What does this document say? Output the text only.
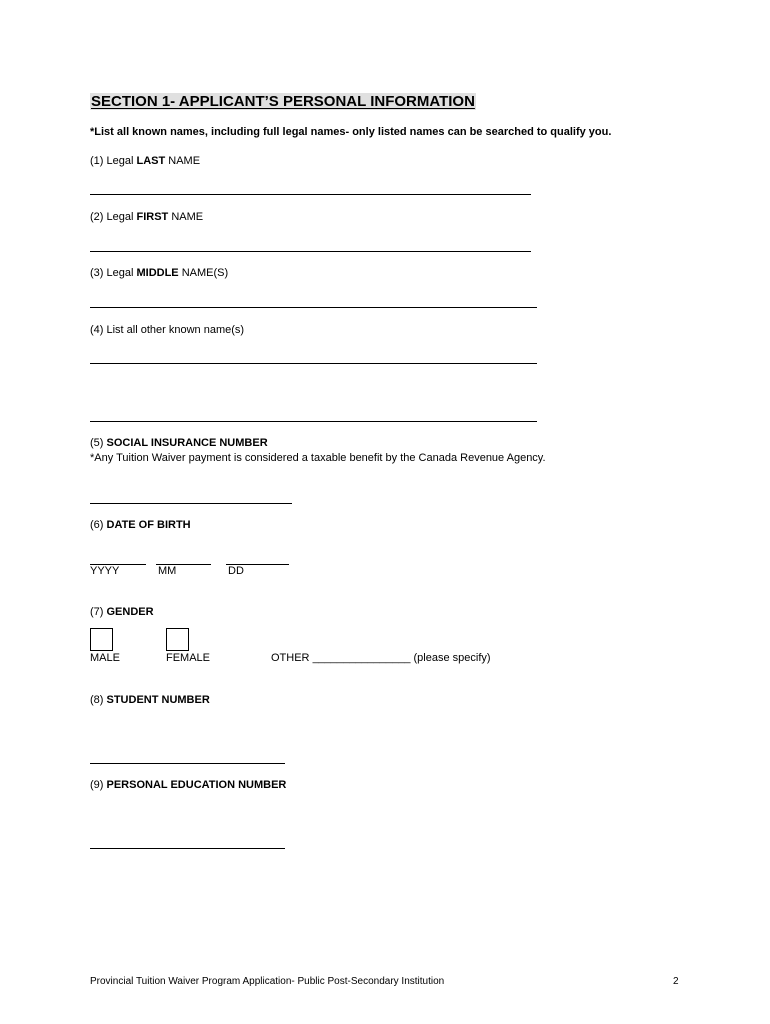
SECTION 1- APPLICANT’S PERSONAL INFORMATION
*List all known names, including full legal names- only listed names can be searched to qualify you.
(1) Legal LAST NAME
(2) Legal FIRST NAME
(3) Legal MIDDLE NAME(S)
(4) List all other known name(s)
(5) SOCIAL INSURANCE NUMBER
*Any Tuition Waiver payment is considered a taxable benefit by the Canada Revenue Agency.
(6) DATE OF BIRTH
YYYY	MM	DD
(7) GENDER
MALE	FEMALE	OTHER ________________ (please specify)
(8) STUDENT NUMBER
(9) PERSONAL EDUCATION NUMBER
Provincial Tuition Waiver Program Application- Public Post-Secondary Institution	2
